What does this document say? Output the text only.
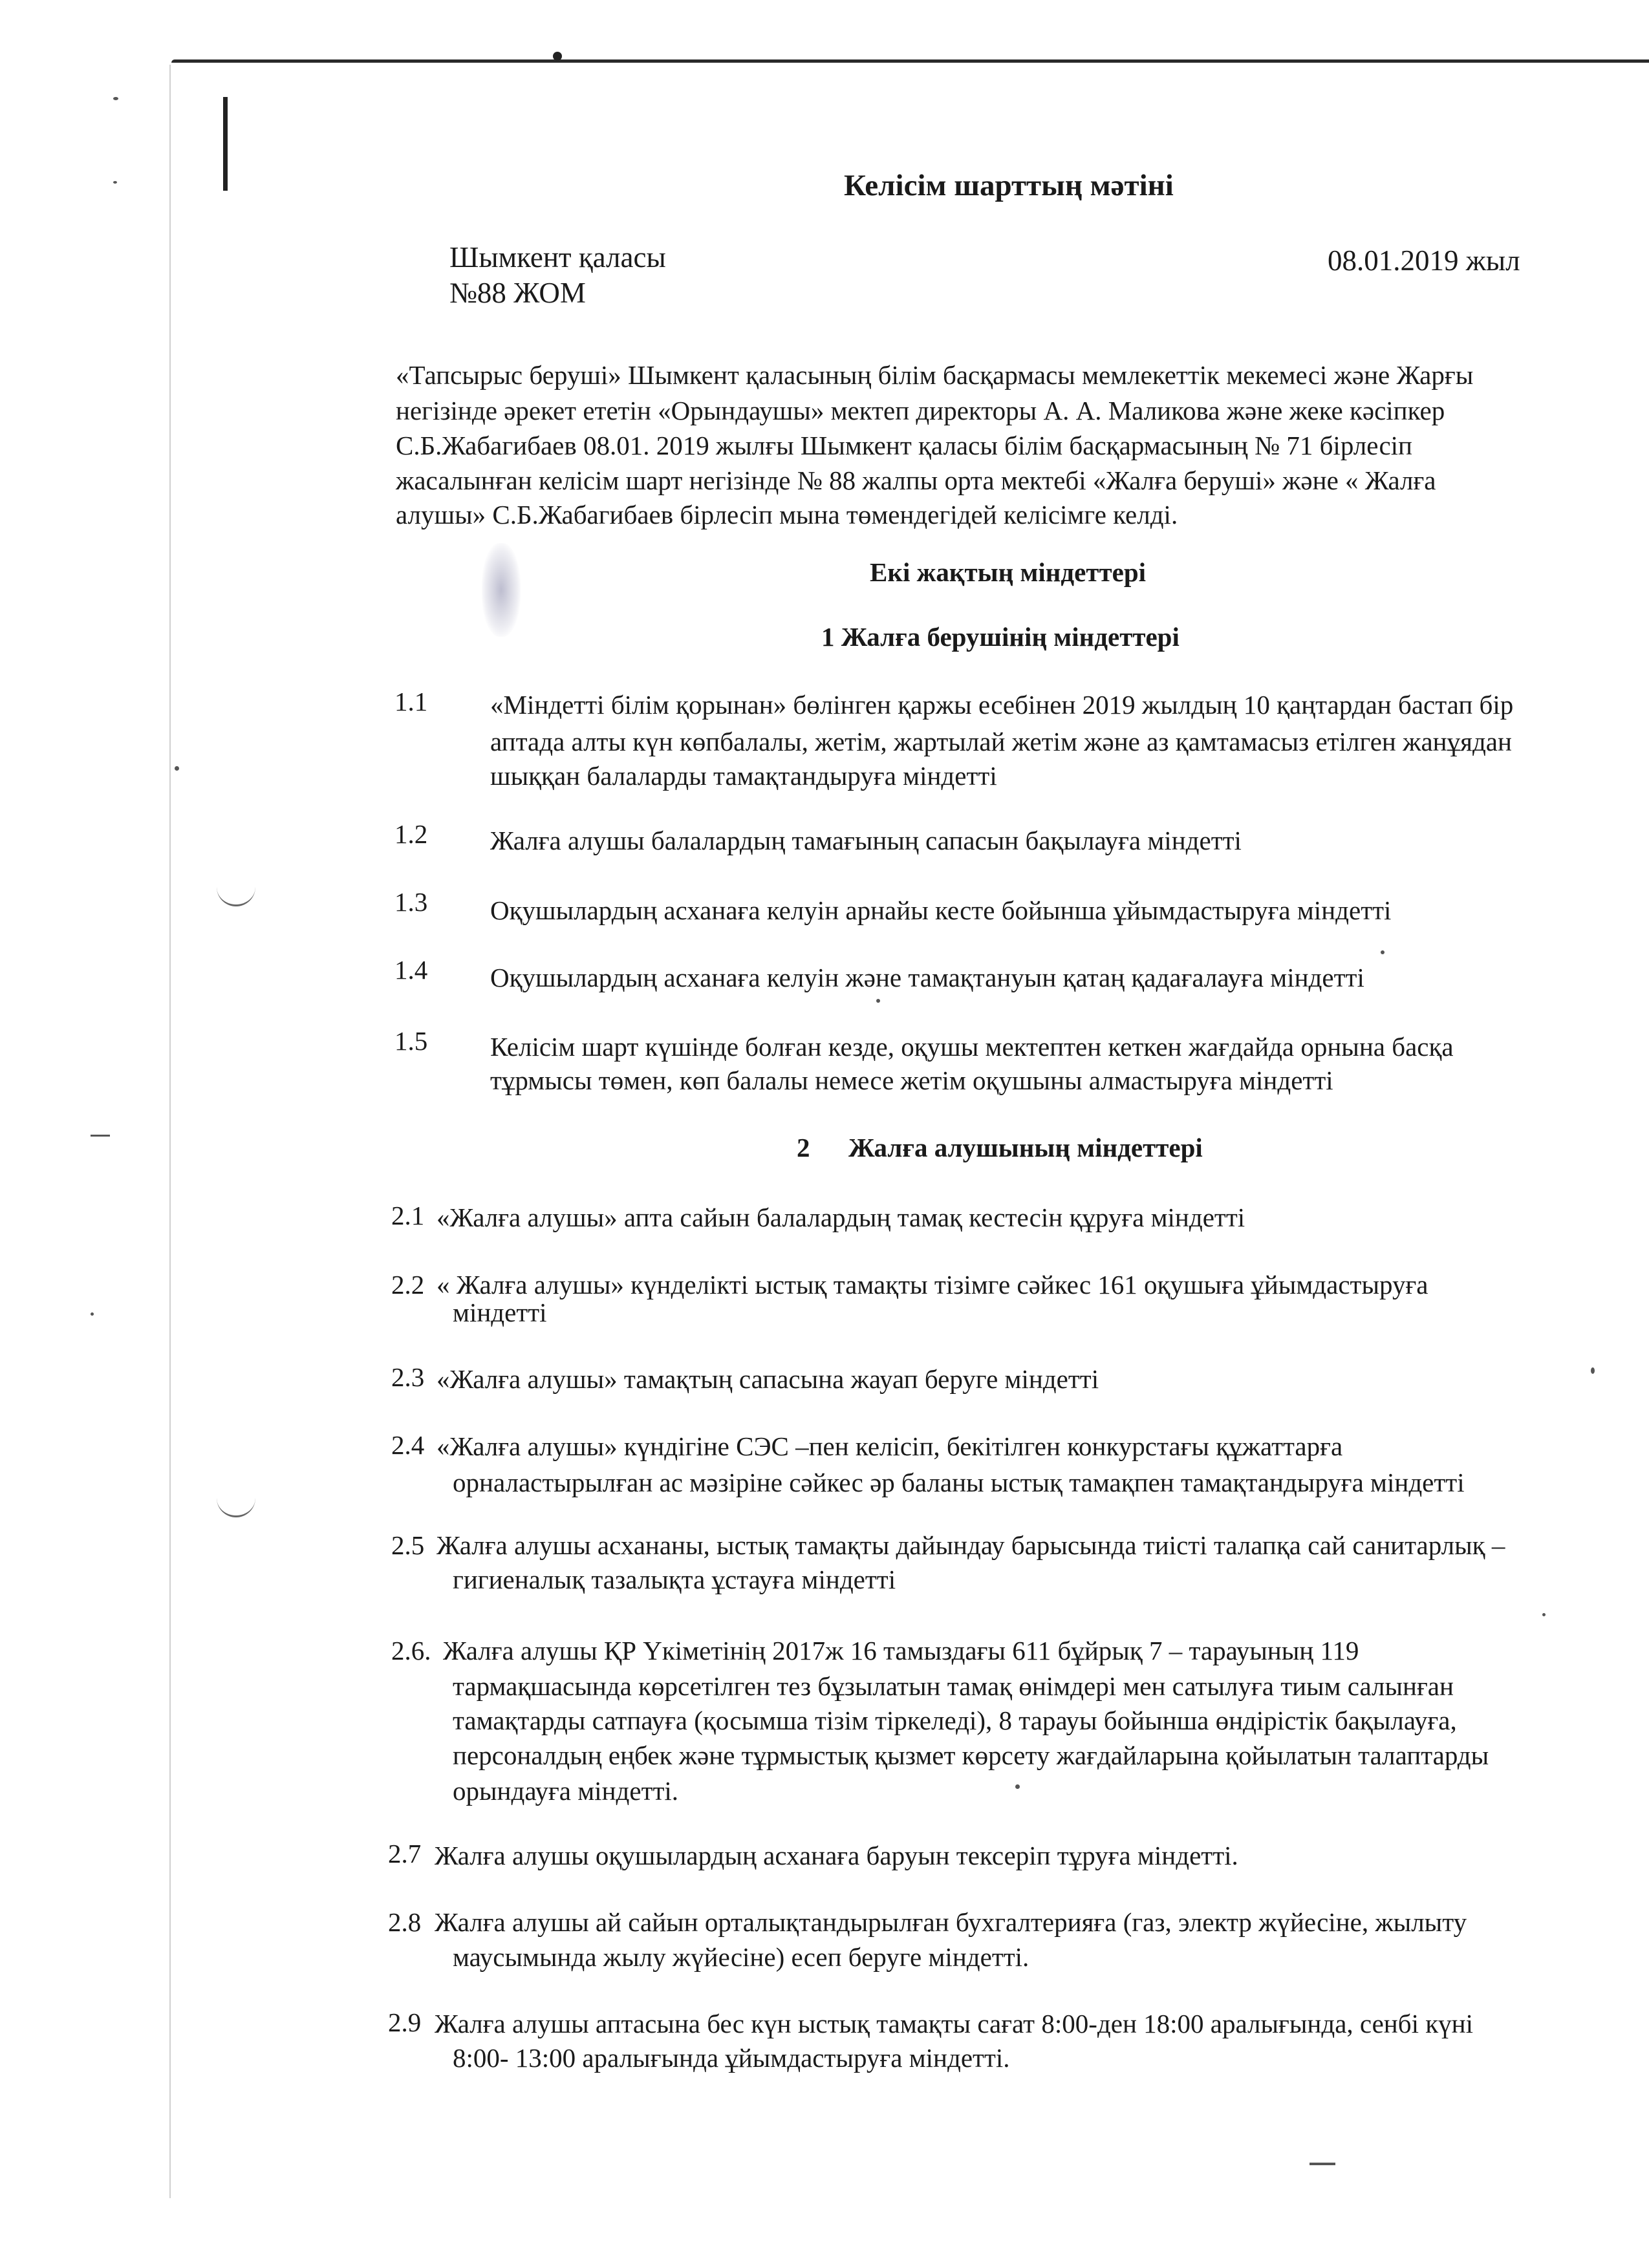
Келісім шарттың мәтіні
Шымкент қаласы
№88 ЖОМ
08.01.2019 жыл
«Тапсырыс беруші» Шымкент қаласының білім басқармасы мемлекеттік мекемесі және Жарғы
негізінде әрекет ететін «Орындаушы» мектеп директоры А. А. Маликова және жеке кәсіпкер
С.Б.Жабагибаев 08.01. 2019 жылғы Шымкент қаласы білім басқармасының № 71 бірлесіп
жасалынған келісім шарт негізінде № 88 жалпы орта мектебі «Жалға беруші» және « Жалға
алушы» С.Б.Жабагибаев бірлесіп мына төмендегідей келісімге келді.
Екі жақтың міндеттері
1 Жалға берушінің міндеттері
1.1 «Міндетті білім қорынан» бөлінген қаржы есебінен 2019 жылдың 10 қаңтардан бастап бір
аптада алты күн көпбалалы, жетім, жартылай жетім және аз қамтамасыз етілген жанұядан
шыққан балаларды тамақтандыруға міндетті
1.2 Жалға алушы балалардың тамағының сапасын бақылауға міндетті
1.3 Оқушылардың асханаға келуін арнайы кесте бойынша ұйымдастыруға міндетті
1.4 Оқушылардың асханаға келуін және тамақтануын қатаң қадағалауға міндетті
1.5 Келісім шарт күшінде болған кезде, оқушы мектептен кеткен жағдайда орнына басқа
тұрмысы төмен, көп балалы немесе жетім оқушыны алмастыруға міндетті
2 Жалға алушының міндеттері
2.1 «Жалға алушы» апта сайын балалардың тамақ кестесін құруға міндетті
2.2 « Жалға алушы» күнделікті ыстық тамақты тізімге сәйкес 161 оқушыға ұйымдастыруға
міндетті
2.3 «Жалға алушы» тамақтың сапасына жауап беруге міндетті
2.4 «Жалға алушы» күндігіне СЭС –пен келісіп, бекітілген конкурстағы құжаттарға
орналастырылған ас мәзіріне сәйкес әр баланы ыстық тамақпен тамақтандыруға міндетті
2.5 Жалға алушы асхананы, ыстық тамақты дайындау барысында тиісті талапқа сай санитарлық –
гигиеналық тазалықта ұстауға міндетті
2.6. Жалға алушы ҚР Үкіметінің 2017ж 16 тамыздағы 611 бұйрық 7 – тарауының 119
тармақшасында көрсетілген тез бұзылатын тамақ өнімдері мен сатылуға тиым салынған
тамақтарды сатпауға (қосымша тізім тіркеледі), 8 тарауы бойынша өндірістік бақылауға,
персоналдың еңбек және тұрмыстық қызмет көрсету жағдайларына қойылатын талаптарды
орындауға міндетті.
2.7 Жалға алушы оқушылардың асханаға баруын тексеріп тұруға міндетті.
2.8 Жалға алушы ай сайын орталықтандырылған бухгалтерияға (газ, электр жүйесіне, жылыту
маусымында жылу жүйесіне) есеп беруге міндетті.
2.9 Жалға алушы аптасына бес күн ыстық тамақты сағат 8:00-ден 18:00 аралығында, сенбі күні
8:00- 13:00 аралығында ұйымдастыруға міндетті.
